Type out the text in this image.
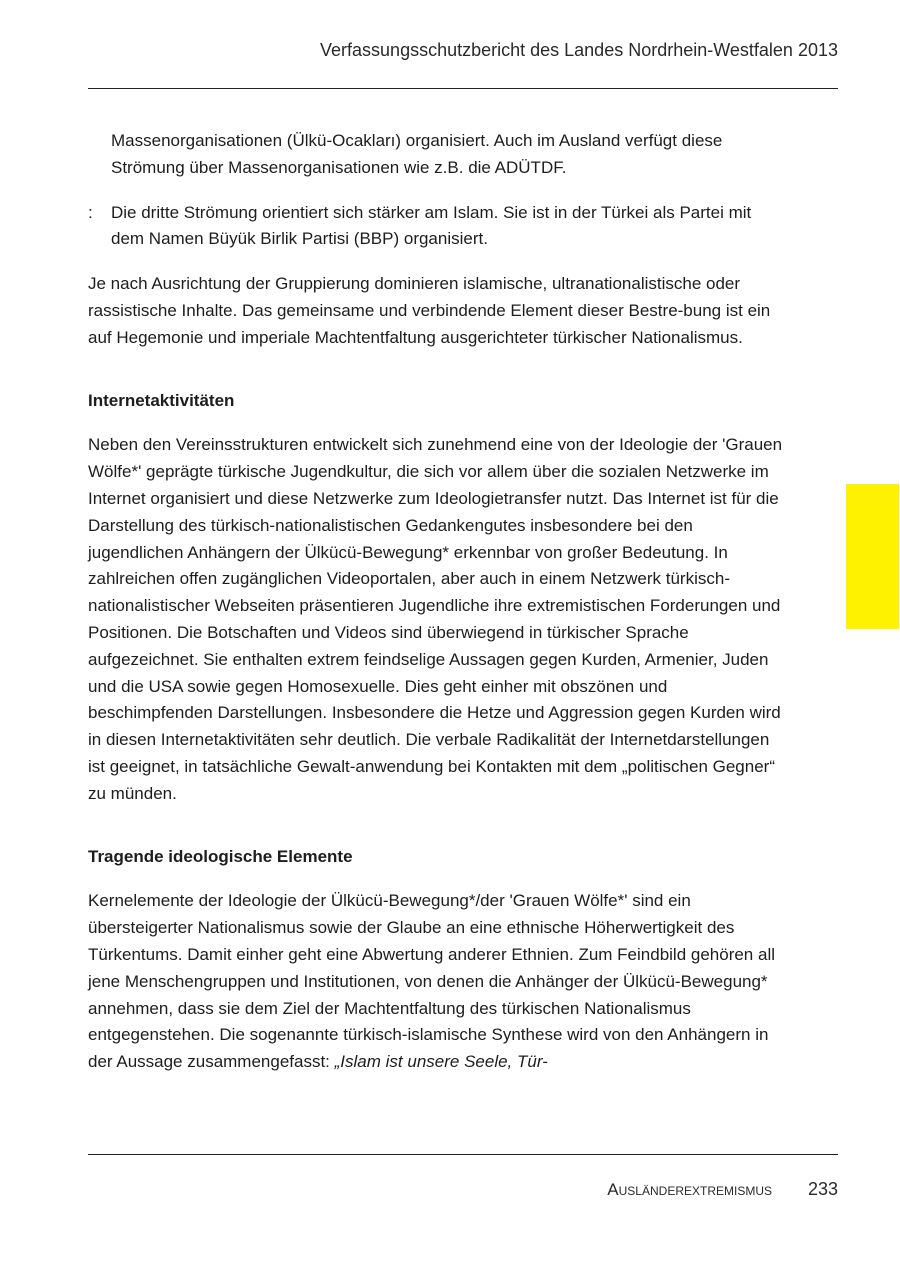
Verfassungsschutzbericht des Landes Nordrhein-Westfalen 2013

Massenorganisationen (Ülkü-Ocakları) organisiert. Auch im Ausland verfügt diese Strömung über Massenorganisationen wie z.B. die ADÜTDF.

: Die dritte Strömung orientiert sich stärker am Islam. Sie ist in der Türkei als Partei mit dem Namen Büyük Birlik Partisi (BBP) organisiert.

Je nach Ausrichtung der Gruppierung dominieren islamische, ultranationalistische oder rassistische Inhalte. Das gemeinsame und verbindende Element dieser Bestre-bung ist ein auf Hegemonie und imperiale Machtentfaltung ausgerichteter türkischer Nationalismus.

Internetaktivitäten

Neben den Vereinsstrukturen entwickelt sich zunehmend eine von der Ideologie der 'Grauen Wölfe*' geprägte türkische Jugendkultur, die sich vor allem über die sozialen Netzwerke im Internet organisiert und diese Netzwerke zum Ideologietransfer nutzt. Das Internet ist für die Darstellung des türkisch-nationalistischen Gedankengutes insbesondere bei den jugendlichen Anhängern der Ülkücü-Bewegung* erkennbar von großer Bedeutung. In zahlreichen offen zugänglichen Videoportalen, aber auch in einem Netzwerk türkisch-nationalistischer Webseiten präsentieren Jugendliche ihre extremistischen Forderungen und Positionen. Die Botschaften und Videos sind überwiegend in türkischer Sprache aufgezeichnet. Sie enthalten extrem feindselige Aussagen gegen Kurden, Armenier, Juden und die USA sowie gegen Homosexuelle. Dies geht einher mit obszönen und beschimpfenden Darstellungen. Insbesondere die Hetze und Aggression gegen Kurden wird in diesen Internetaktivitäten sehr deutlich. Die verbale Radikalität der Internetdarstellungen ist geeignet, in tatsächliche Gewalt-anwendung bei Kontakten mit dem „politischen Gegner“ zu münden.

Tragende ideologische Elemente

Kernelemente der Ideologie der Ülkücü-Bewegung*/der 'Grauen Wölfe*' sind ein übersteigerter Nationalismus sowie der Glaube an eine ethnische Höherwertigkeit des Türkentums. Damit einher geht eine Abwertung anderer Ethnien. Zum Feindbild gehören all jene Menschengruppen und Institutionen, von denen die Anhänger der Ülkücü-Bewegung* annehmen, dass sie dem Ziel der Machtentfaltung des türkischen Nationalismus entgegenstehen. Die sogenannte türkisch-islamische Synthese wird von den Anhängern in der Aussage zusammengefasst: „Islam ist unsere Seele, Tür-

Ausländerextremismus 233
